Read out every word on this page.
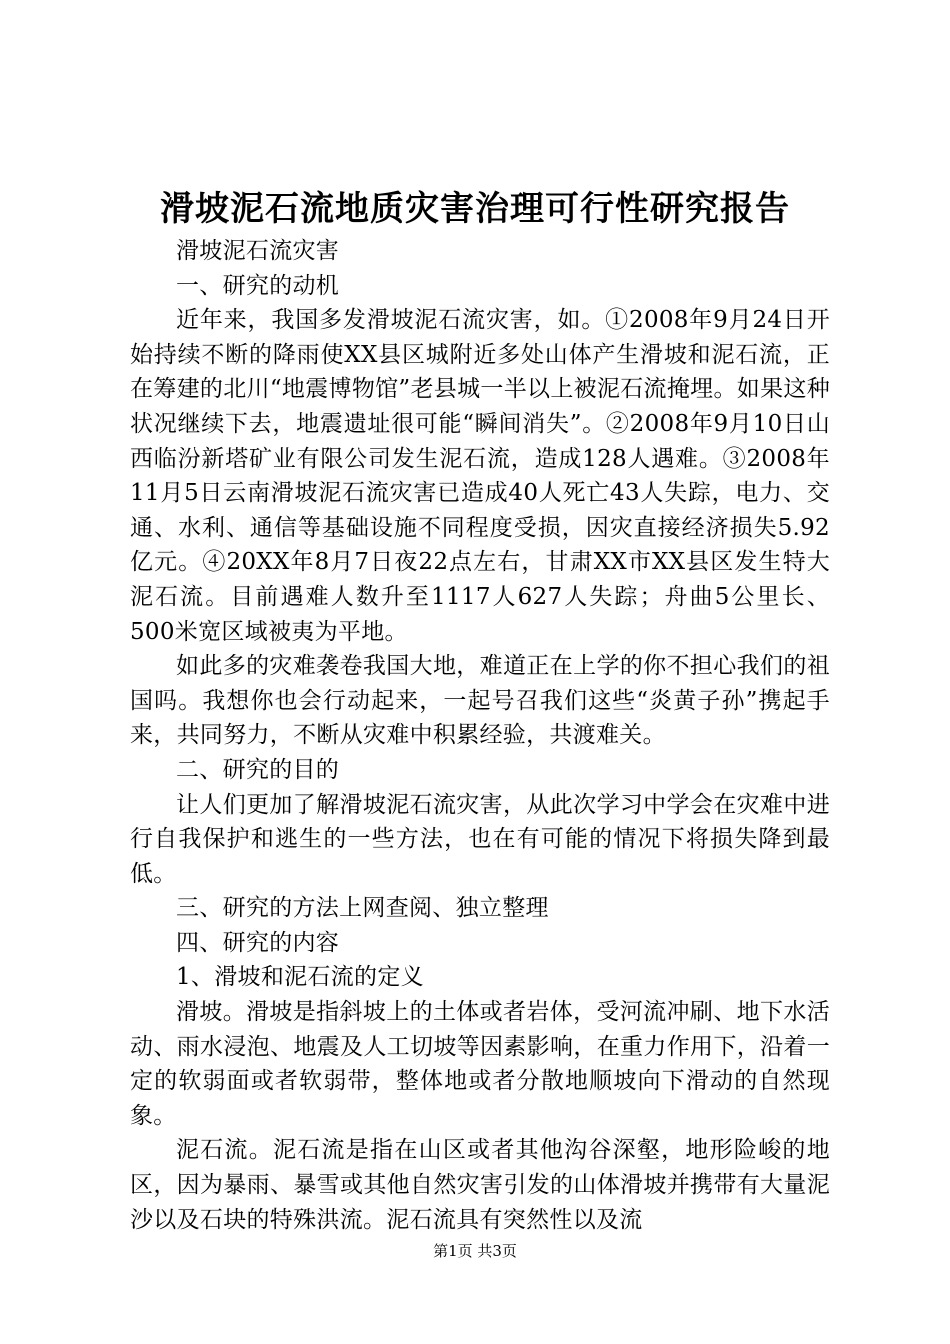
滑坡泥石流地质灾害治理可行性研究报告

滑坡泥石流灾害

一、研究的动机

近年来，我国多发滑坡泥石流灾害，如。①2008年9月24日开始持续不断的降雨使XX县区城附近多处山体产生滑坡和泥石流，正在筹建的北川“地震博物馆”老县城一半以上被泥石流掩埋。如果这种状况继续下去，地震遗址很可能“瞬间消失”。②2008年9月10日山西临汾新塔矿业有限公司发生泥石流，造成128人遇难。③2008年11月5日云南滑坡泥石流灾害已造成40人死亡43人失踪，电力、交通、水利、通信等基础设施不同程度受损，因灾直接经济损失5.92亿元。④20XX年8月7日夜22点左右，甘肃XX市XX县区发生特大泥石流。目前遇难人数升至1117人627人失踪；舟曲5公里长、500米宽区域被夷为平地。

如此多的灾难袭卷我国大地，难道正在上学的你不担心我们的祖国吗。我想你也会行动起来，一起号召我们这些“炎黄子孙”携起手来，共同努力，不断从灾难中积累经验，共渡难关。

二、研究的目的

让人们更加了解滑坡泥石流灾害，从此次学习中学会在灾难中进行自我保护和逃生的一些方法，也在有可能的情况下将损失降到最低。

三、研究的方法上网查阅、独立整理

四、研究的内容

1、滑坡和泥石流的定义

滑坡。滑坡是指斜坡上的土体或者岩体，受河流冲刷、地下水活动、雨水浸泡、地震及人工切坡等因素影响，在重力作用下，沿着一定的软弱面或者软弱带，整体地或者分散地顺坡向下滑动的自然现象。

泥石流。泥石流是指在山区或者其他沟谷深壑，地形险峻的地区，因为暴雨、暴雪或其他自然灾害引发的山体滑坡并携带有大量泥沙以及石块的特殊洪流。泥石流具有突然性以及流

第1页 共3页
